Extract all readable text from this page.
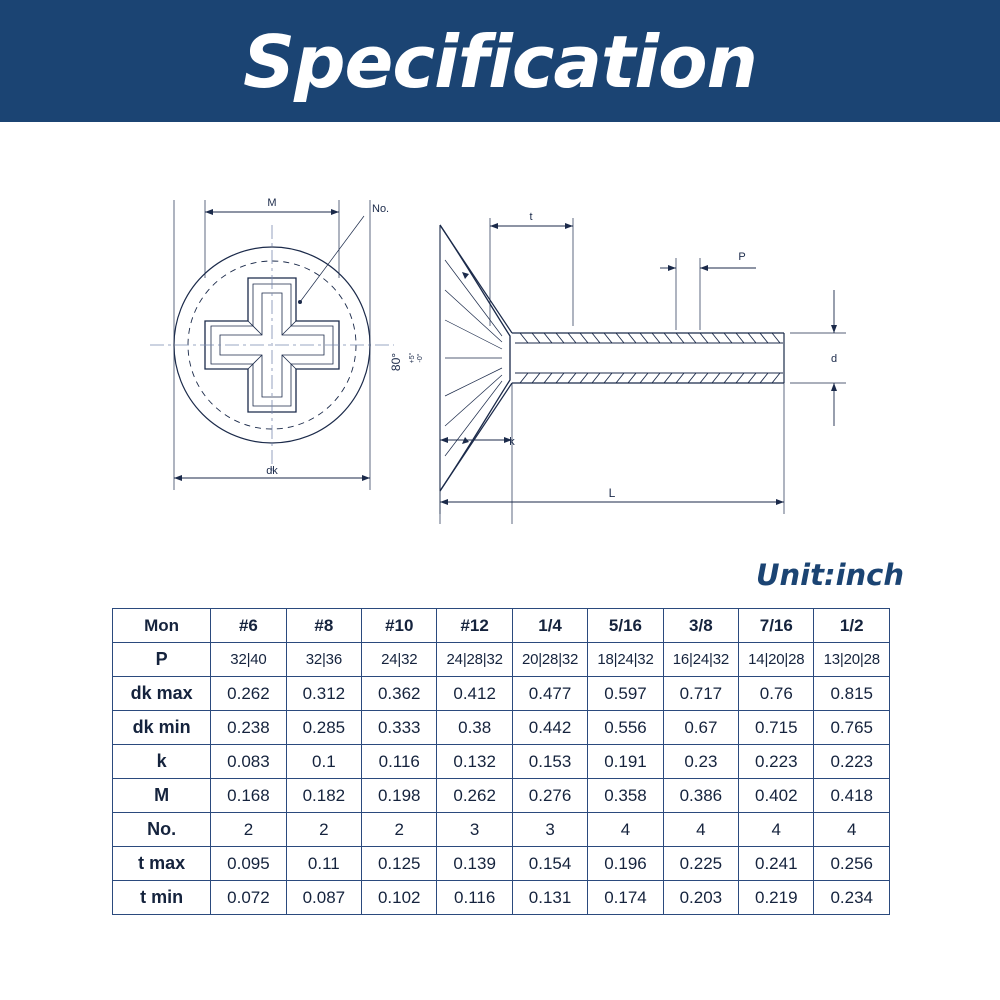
Specification
M	No.
dk
80° +5° -0°
t
P
d
k
L
Unit:inch
Mon	#6	#8	#10	#12	1/4	5/16	3/8	7/16	1/2
P	32|40	32|36	24|32	24|28|32	20|28|32	18|24|32	16|24|32	14|20|28	13|20|28
dk max	0.262	0.312	0.362	0.412	0.477	0.597	0.717	0.76	0.815
dk min	0.238	0.285	0.333	0.38	0.442	0.556	0.67	0.715	0.765
k	0.083	0.1	0.116	0.132	0.153	0.191	0.23	0.223	0.223
M	0.168	0.182	0.198	0.262	0.276	0.358	0.386	0.402	0.418
No.	2	2	2	3	3	4	4	4	4
t max	0.095	0.11	0.125	0.139	0.154	0.196	0.225	0.241	0.256
t min	0.072	0.087	0.102	0.116	0.131	0.174	0.203	0.219	0.234
